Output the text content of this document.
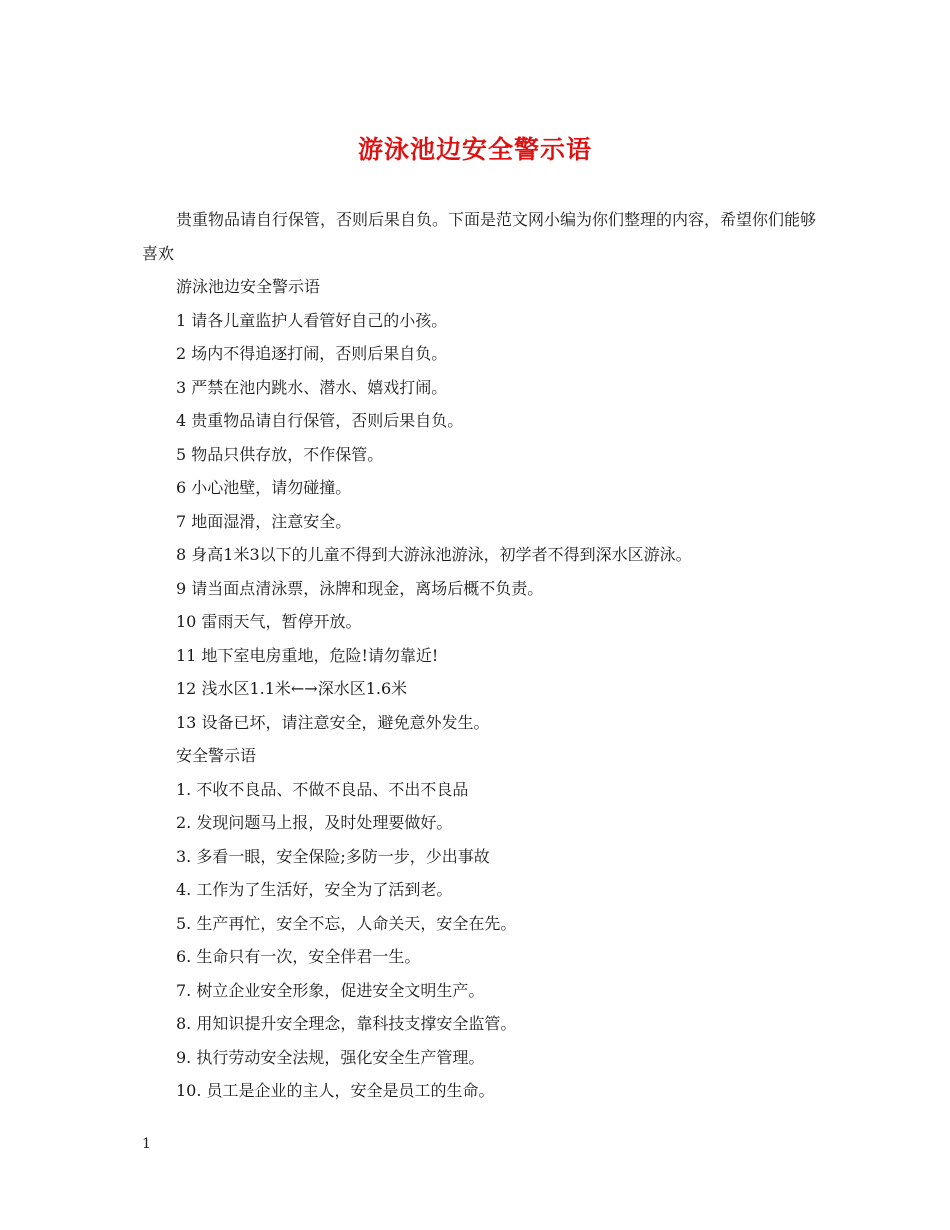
游泳池边安全警示语

贵重物品请自行保管，否则后果自负。下面是范文网小编为你们整理的内容，希望你们能够喜欢

游泳池边安全警示语

1 请各儿童监护人看管好自己的小孩。

2 场内不得追逐打闹，否则后果自负。

3 严禁在池内跳水、潜水、嬉戏打闹。

4 贵重物品请自行保管，否则后果自负。

5 物品只供存放，不作保管。

6 小心池壁，请勿碰撞。

7 地面湿滑，注意安全。

8 身高1米3以下的儿童不得到大游泳池游泳，初学者不得到深水区游泳。

9 请当面点清泳票，泳牌和现金，离场后概不负责。

10 雷雨天气，暂停开放。

11 地下室电房重地，危险!请勿靠近!

12 浅水区1.1米←→深水区1.6米

13 设备已坏，请注意安全，避免意外发生。

安全警示语

1. 不收不良品、不做不良品、不出不良品

2. 发现问题马上报，及时处理要做好。

3. 多看一眼，安全保险;多防一步，少出事故

4. 工作为了生活好，安全为了活到老。

5. 生产再忙，安全不忘，人命关天，安全在先。

6. 生命只有一次，安全伴君一生。

7. 树立企业安全形象，促进安全文明生产。

8. 用知识提升安全理念，靠科技支撑安全监管。

9. 执行劳动安全法规，强化安全生产管理。

10. 员工是企业的主人，安全是员工的生命。

1
